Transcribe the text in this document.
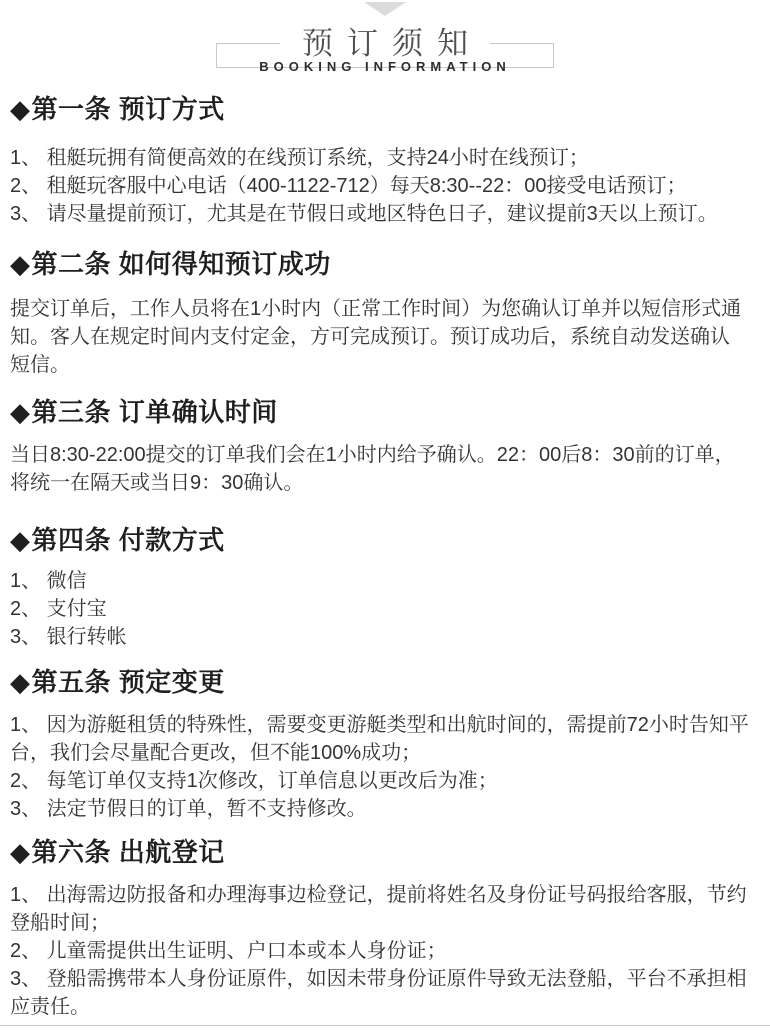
预订须知
BOOKING INFORMATION
◆第一条 预订方式

1、 租艇玩拥有简便高效的在线预订系统，支持24小时在线预订；
2、 租艇玩客服中心电话（400-1122-712）每天8:30--22：00接受电话预订；
3、 请尽量提前预订，尤其是在节假日或地区特色日子，建议提前3天以上预订。

◆第二条 如何得知预订成功

提交订单后，工作人员将在1小时内（正常工作时间）为您确认订单并以短信形式通
知。客人在规定时间内支付定金，方可完成预订。预订成功后，系统自动发送确认
短信。

◆第三条 订单确认时间

当日8:30-22:00提交的订单我们会在1小时内给予确认。22：00后8：30前的订单，
将统一在隔天或当日9：30确认。

◆第四条 付款方式

1、 微信
2、 支付宝
3、 银行转帐

◆第五条 预定变更

1、 因为游艇租赁的特殊性，需要变更游艇类型和出航时间的，需提前72小时告知平
台，我们会尽量配合更改，但不能100%成功；
2、 每笔订单仅支持1次修改，订单信息以更改后为准；
3、 法定节假日的订单，暂不支持修改。

◆第六条 出航登记

1、 出海需边防报备和办理海事边检登记，提前将姓名及身份证号码报给客服，节约
登船时间；
2、 儿童需提供出生证明、户口本或本人身份证；
3、 登船需携带本人身份证原件，如因未带身份证原件导致无法登船，平台不承担相
应责任。
